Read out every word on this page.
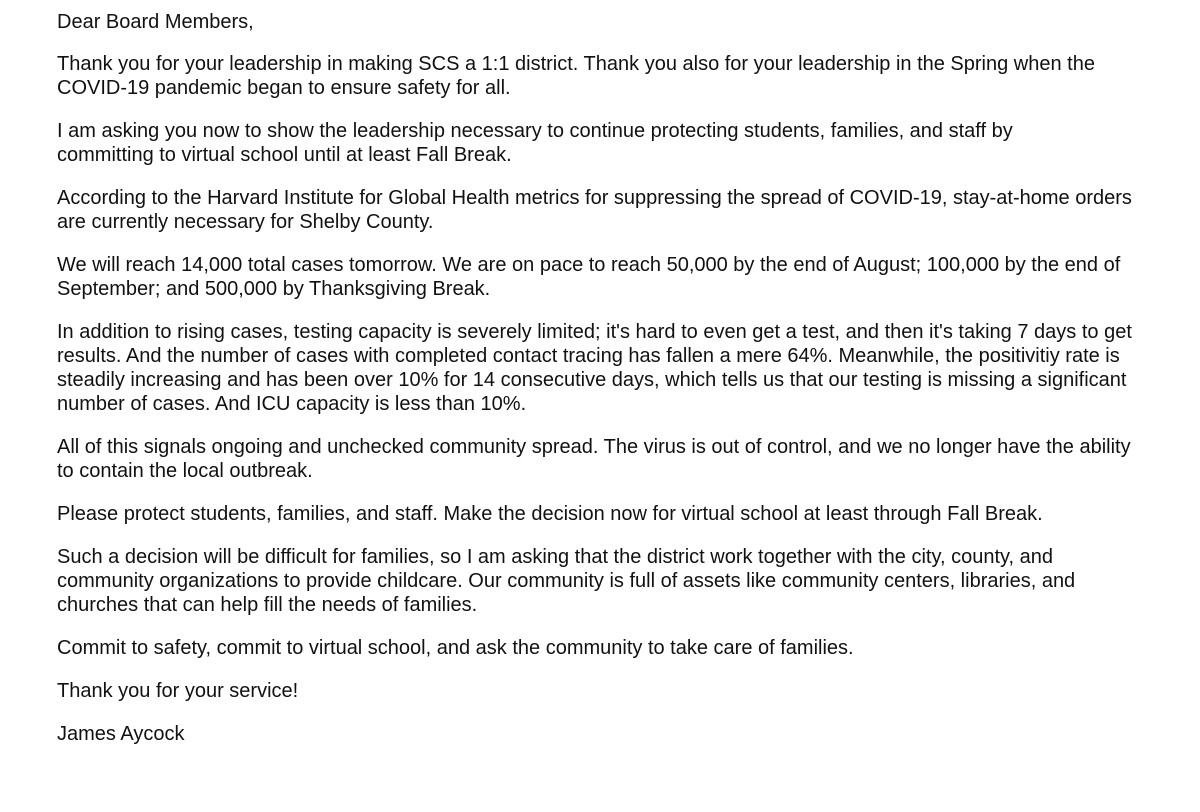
Dear Board Members,

Thank you for your leadership in making SCS a 1:1 district. Thank you also for your leadership in the Spring when the
COVID-19 pandemic began to ensure safety for all.

I am asking you now to show the leadership necessary to continue protecting students, families, and staff by
committing to virtual school until at least Fall Break.

According to the Harvard Institute for Global Health metrics for suppressing the spread of COVID-19, stay-at-home orders
are currently necessary for Shelby County.

We will reach 14,000 total cases tomorrow. We are on pace to reach 50,000 by the end of August; 100,000 by the end of
September; and 500,000 by Thanksgiving Break.

In addition to rising cases, testing capacity is severely limited; it's hard to even get a test, and then it's taking 7 days to get
results. And the number of cases with completed contact tracing has fallen a mere 64%. Meanwhile, the positivitiy rate is
steadily increasing and has been over 10% for 14 consecutive days, which tells us that our testing is missing a significant
number of cases. And ICU capacity is less than 10%.

All of this signals ongoing and unchecked community spread. The virus is out of control, and we no longer have the ability
to contain the local outbreak.

Please protect students, families, and staff. Make the decision now for virtual school at least through Fall Break.

Such a decision will be difficult for families, so I am asking that the district work together with the city, county, and
community organizations to provide childcare. Our community is full of assets like community centers, libraries, and
churches that can help fill the needs of families.

Commit to safety, commit to virtual school, and ask the community to take care of families.

Thank you for your service!

James Aycock
